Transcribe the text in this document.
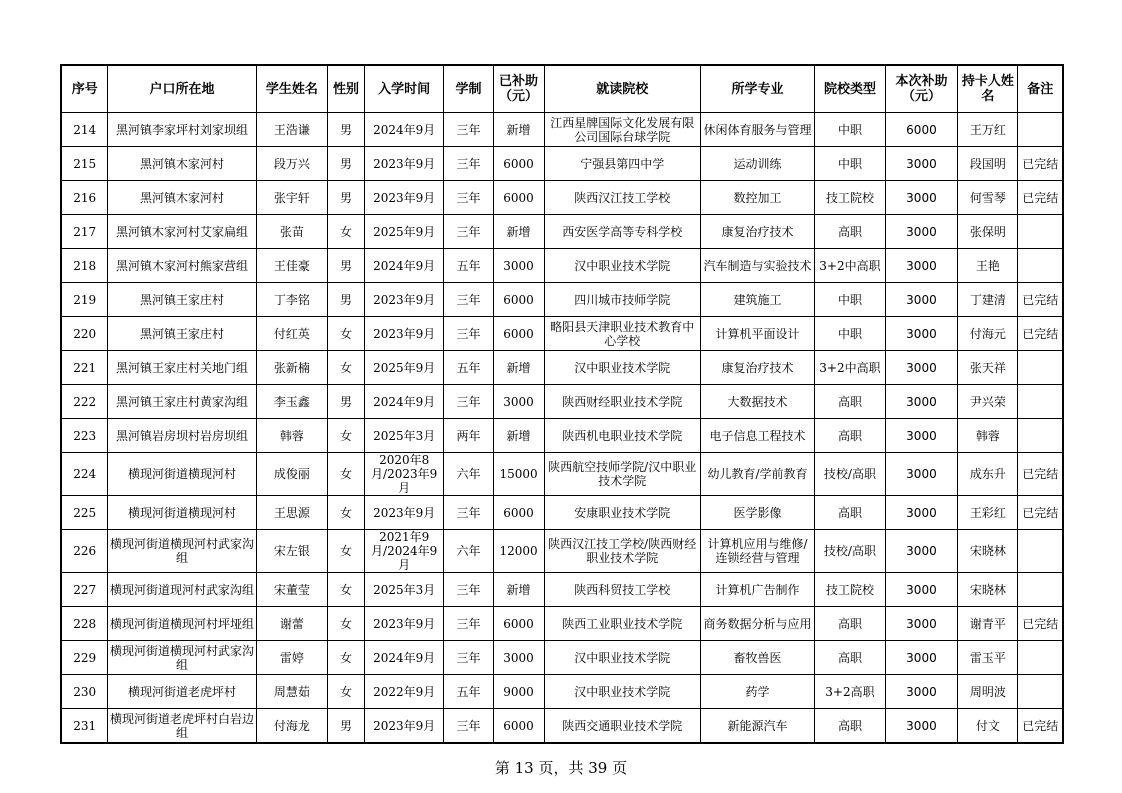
序号	户口所在地	学生姓名	性别	入学时间	学制	已补助（元）	就读院校	所学专业	院校类型	本次补助（元）	持卡人姓名	备注
214	黑河镇李家坪村刘家坝组	王浩谦	男	2024年9月	三年	新增	江西星牌国际文化发展有限公司国际台球学院	休闲体育服务与管理	中职	6000	王万红	
215	黑河镇木家河村	段万兴	男	2023年9月	三年	6000	宁强县第四中学	运动训练	中职	3000	段国明	已完结
216	黑河镇木家河村	张宇轩	男	2023年9月	三年	6000	陕西汉江技工学校	数控加工	技工院校	3000	何雪琴	已完结
217	黑河镇木家河村艾家扁组	张苗	女	2025年9月	三年	新增	西安医学高等专科学校	康复治疗技术	高职	3000	张保明	
218	黑河镇木家河村熊家营组	王佳豪	男	2024年9月	五年	3000	汉中职业技术学院	汽车制造与实验技术	3+2中高职	3000	王艳	
219	黑河镇王家庄村	丁李铭	男	2023年9月	三年	6000	四川城市技师学院	建筑施工	中职	3000	丁建清	已完结
220	黑河镇王家庄村	付红英	女	2023年9月	三年	6000	略阳县天津职业技术教育中心学校	计算机平面设计	中职	3000	付海元	已完结
221	黑河镇王家庄村关地门组	张新楠	女	2025年9月	五年	新增	汉中职业技术学院	康复治疗技术	3+2中高职	3000	张天祥	
222	黑河镇王家庄村黄家沟组	李玉鑫	男	2024年9月	三年	3000	陕西财经职业技术学院	大数据技术	高职	3000	尹兴荣	
223	黑河镇岩房坝村岩房坝组	韩蓉	女	2025年3月	两年	新增	陕西机电职业技术学院	电子信息工程技术	高职	3000	韩蓉	
224	横现河街道横现河村	成俊丽	女	2020年8月/2023年9月	六年	15000	陕西航空技师学院/汉中职业技术学院	幼儿教育/学前教育	技校/高职	3000	成东升	已完结
225	横现河街道横现河村	王思源	女	2023年9月	三年	6000	安康职业技术学院	医学影像	高职	3000	王彩红	已完结
226	横现河街道横现河村武家沟组	宋左银	女	2021年9月/2024年9月	六年	12000	陕西汉江技工学校/陕西财经职业技术学院	计算机应用与维修/连锁经营与管理	技校/高职	3000	宋晓林	
227	横现河街道现河村武家沟组	宋董莹	女	2025年3月	三年	新增	陕西科贸技工学校	计算机广告制作	技工院校	3000	宋晓林	
228	横现河街道横现河村坪垭组	谢蕾	女	2023年9月	三年	6000	陕西工业职业技术学院	商务数据分析与应用	高职	3000	谢青平	已完结
229	横现河街道横现河村武家沟组	雷婷	女	2024年9月	三年	3000	汉中职业技术学院	畜牧兽医	高职	3000	雷玉平	
230	横现河街道老虎坪村	周慧茹	女	2022年9月	五年	9000	汉中职业技术学院	药学	3+2高职	3000	周明波	
231	横现河街道老虎坪村白岩边组	付海龙	男	2023年9月	三年	6000	陕西交通职业技术学院	新能源汽车	高职	3000	付文	已完结
第 13 页，共 39 页
